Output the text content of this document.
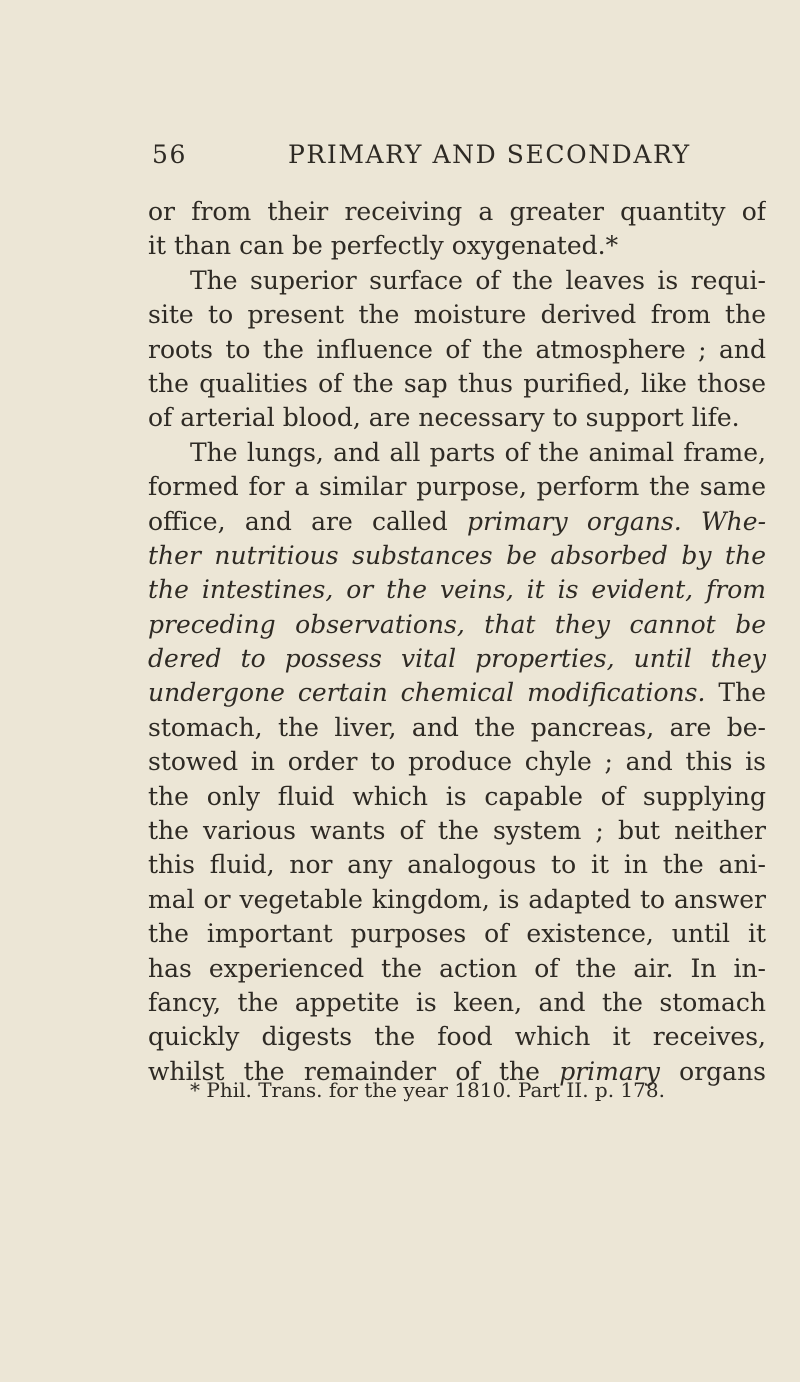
56	PRIMARY AND SECONDARY
or from their receiving a greater quantity of
it than can be perfectly oxygenated.*
The superior surface of the leaves is requi-
site to present the moisture derived from the
roots to the influence of the atmosphere ; and
the qualities of the sap thus purified, like those
of arterial blood, are necessary to support life.
The lungs, and all parts of the animal frame,
formed for a similar purpose, perform the same
office, and are called primary organs. Whe-
ther nutritious substances be absorbed by the
the intestines, or the veins, it is evident, from
preceding observations, that they cannot be
dered to possess vital properties, until they
undergone certain chemical modifications. The
stomach, the liver, and the pancreas, are be-
stowed in order to produce chyle ; and this is
the only fluid which is capable of supplying
the various wants of the system ; but neither
this fluid, nor any analogous to it in the ani-
mal or vegetable kingdom, is adapted to answer
the important purposes of existence, until it
has experienced the action of the air. In in-
fancy, the appetite is keen, and the stomach
quickly digests the food which it receives,
whilst the remainder of the primary organs
* Phil. Trans. for the year 1810. Part II. p. 178.
